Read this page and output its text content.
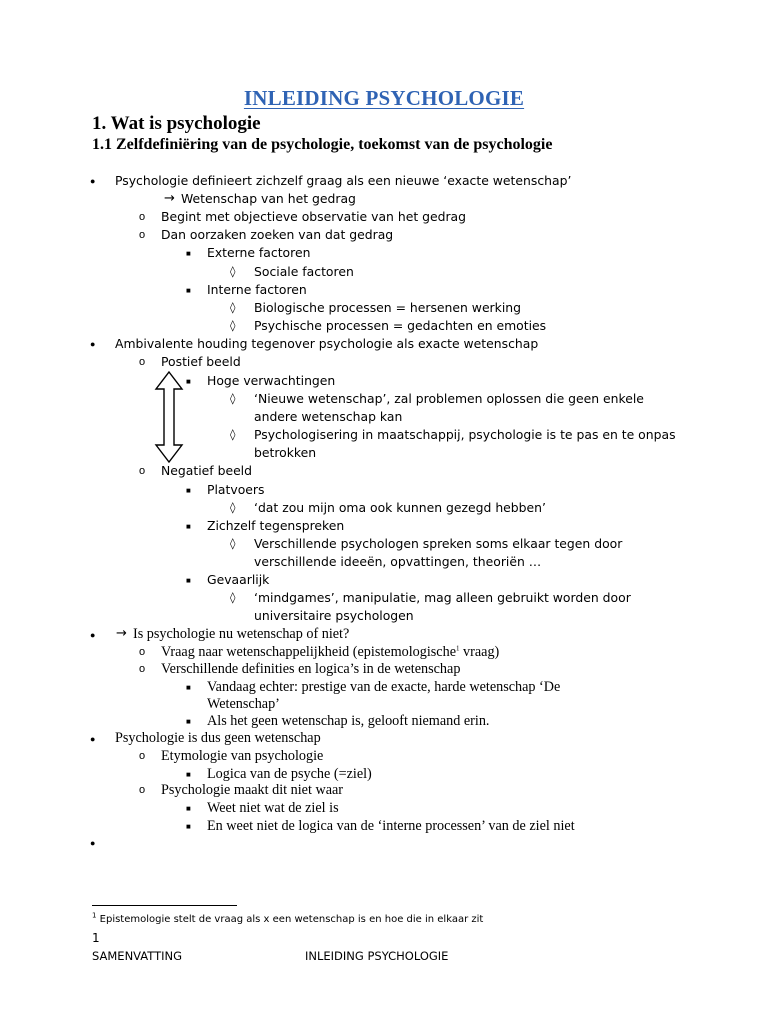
INLEIDING PSYCHOLOGIE
1. Wat is psychologie
1.1 Zelfdefiniëring van de psychologie, toekomst van de psychologie
● Psychologie definieert zichzelf graag als een nieuwe ‘exacte wetenschap’
→ Wetenschap van het gedrag
o Begint met objectieve observatie van het gedrag
o Dan oorzaken zoeken van dat gedrag
■ Externe factoren
◊ Sociale factoren
■ Interne factoren
◊ Biologische processen = hersenen werking
◊ Psychische processen = gedachten en emoties
● Ambivalente houding tegenover psychologie als exacte wetenschap
o Postief beeld
■ Hoge verwachtingen
◊ ‘Nieuwe wetenschap’, zal problemen oplossen die geen enkele
andere wetenschap kan
◊ Psychologisering in maatschappij, psychologie is te pas en te onpas
betrokken
o Negatief beeld
■ Platvoers
◊ ‘dat zou mijn oma ook kunnen gezegd hebben’
■ Zichzelf tegenspreken
◊ Verschillende psychologen spreken soms elkaar tegen door
verschillende ideeën, opvattingen, theoriën …
■ Gevaarlijk
◊ ‘mindgames’, manipulatie, mag alleen gebruikt worden door
universitaire psychologen
● → Is psychologie nu wetenschap of niet?
o Vraag naar wetenschappelijkheid (epistemologische$^1$ vraag)
o Verschillende definities en logica’s in de wetenschap
■ Vandaag echter: prestige van de exacte, harde wetenschap ‘De
Wetenschap’
■ Als het geen wetenschap is, gelooft niemand erin.
● Psychologie is dus geen wetenschap
o Etymologie van psychologie
■ Logica van de psyche (=ziel)
o Psychologie maakt dit niet waar
■ Weet niet wat de ziel is
■ En weet niet de logica van de ‘interne processen’ van de ziel niet
●
$^1$ Epistemologie stelt de vraag als x een wetenschap is en hoe die in elkaar zit
1
SAMENVATTING	INLEIDING PSYCHOLOGIE
